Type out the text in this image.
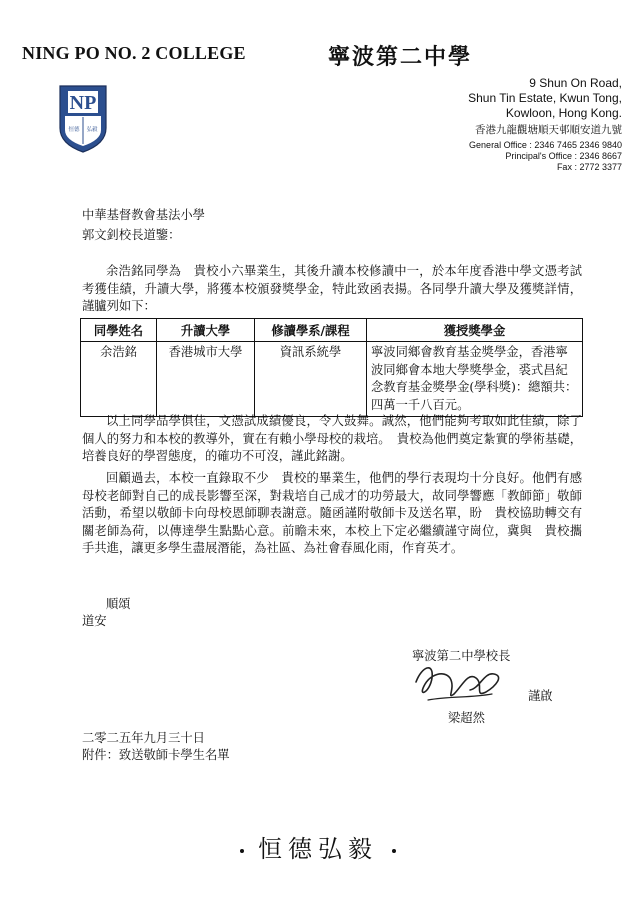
NING PO NO. 2 COLLEGE	寧波第二中學
NP
恒德 弘毅
9 Shun On Road,
Shun Tin Estate, Kwun Tong,
Kowloon, Hong Kong.
香港九龍觀塘順天邨順安道九號
General Office : 2346 7465 2346 9840
Principal's Office : 2346 8667
Fax : 2772 3377
中華基督教會基法小學
郭文釗校長道鑒：
余浩銘同學為　貴校小六畢業生，其後升讀本校修讀中一，於本年度香港中學文憑考試考獲佳績，升讀大學，將獲本校頒發獎學金，特此致函表揚。各同學升讀大學及獲獎詳情，謹臚列如下：
同學姓名	升讀大學	修讀學系/課程	獲授獎學金
余浩銘	香港城市大學	資訊系統學	寧波同鄉會教育基金獎學金，香港寧波同鄉會本地大學獎學金，裘式昌紀念教育基金獎學金(學科獎)：總額共：四萬一千八百元。
以上同學品學俱佳，文憑試成績優良，令人鼓舞。誠然，他們能夠考取如此佳績，除了個人的努力和本校的教導外，實在有賴小學母校的栽培。　貴校為他們奠定紮實的學術基礎，培養良好的學習態度，的確功不可沒，謹此銘謝。
回顧過去，本校一直錄取不少　貴校的畢業生，他們的學行表現均十分良好。他們有感母校老師對自己的成長影響至深，對栽培自己成才的功勞最大，故同學響應「教師節」敬師活動，希望以敬師卡向母校恩師聊表謝意。隨函謹附敬師卡及送名單，盼　貴校協助轉交有關老師為荷，以傳達學生點點心意。前瞻未來，本校上下定必繼續謹守崗位，冀與　貴校攜手共進，讓更多學生盡展潛能，為社區、為社會春風化雨，作育英才。
順頌
道安
寧波第二中學校長
謹啟
梁超然
二零二五年九月三十日
附件：致送敬師卡學生名單
恒德弘毅
